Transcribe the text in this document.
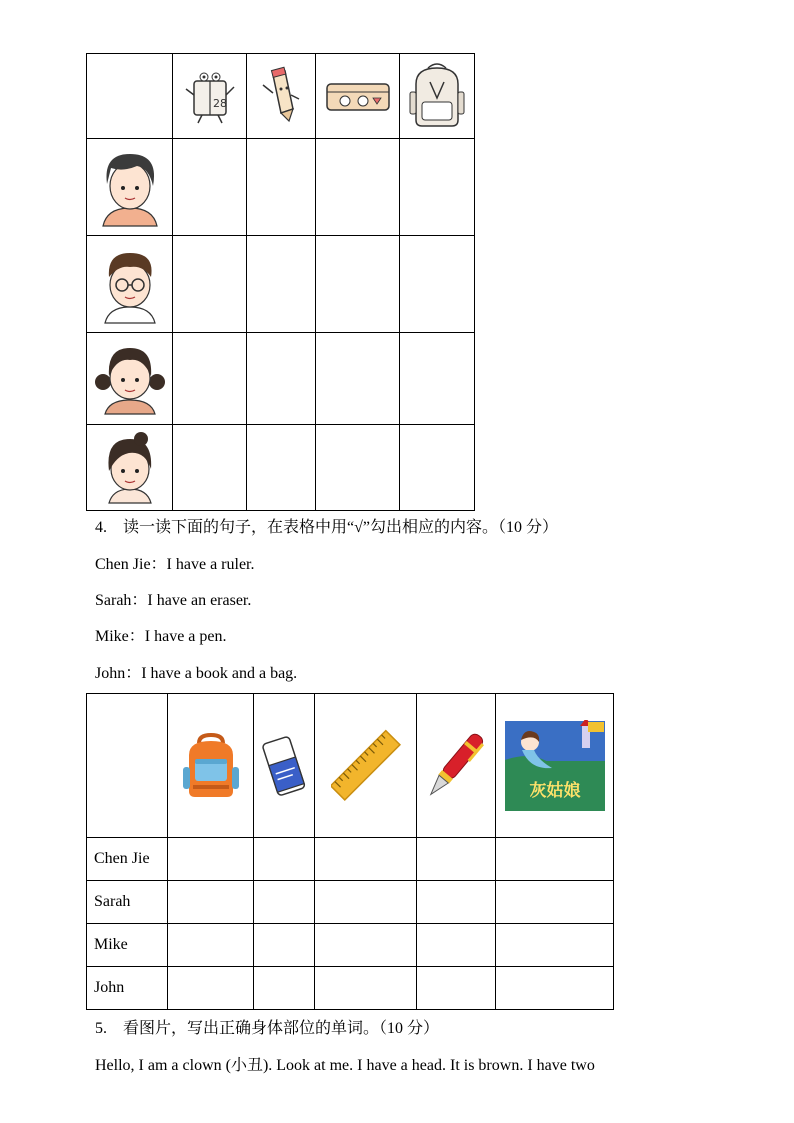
28

4. 读一读下面的句子，在表格中用“√”勾出相应的内容。（10 分）
Chen Jie：I have a ruler.
Sarah：I have an eraser.
Mike：I have a pen.
John：I have a book and a bag.

灰姑娘

Chen Jie					
Sarah					
Mike					
John					
5. 看图片，写出正确身体部位的单词。（10 分）
Hello, I am a clown (小丑). Look at me. I have a head. It is brown. I have two
